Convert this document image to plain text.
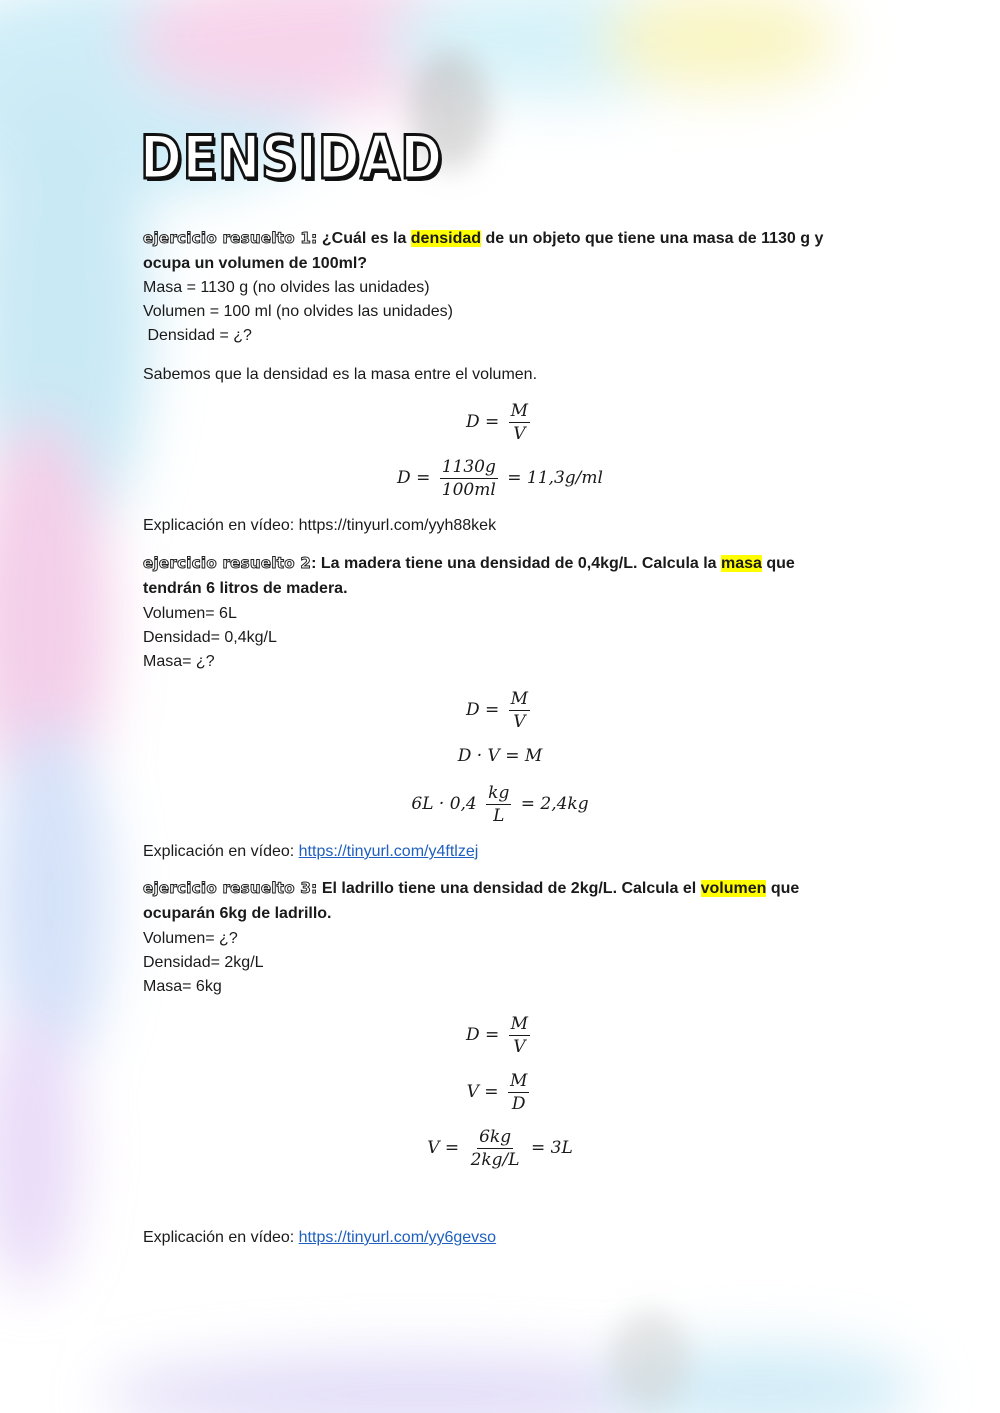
DENSIDAD
ejercicio resuelto 1: ¿Cuál es la densidad de un objeto que tiene una masa de 1130 g y
ocupa un volumen de 100ml?
Masa = 1130 g (no olvides las unidades)
Volumen = 100 ml (no olvides las unidades)
Densidad = ¿?
Sabemos que la densidad es la masa entre el volumen.
$D = \frac{M}{V}$
$D = \frac{1130g}{100ml} = 11,3g/ml$
Explicación en vídeo: https://tinyurl.com/yyh88kek
ejercicio resuelto 2: La madera tiene una densidad de 0,4kg/L. Calcula la masa que
tendrán 6 litros de madera.
Volumen= 6L
Densidad= 0,4kg/L
Masa= ¿?
$D = \frac{M}{V}$
D · V = M
$6L \cdot 0,4 \frac{kg}{L} = 2,4kg$
Explicación en vídeo: https://tinyurl.com/y4ftlzej
ejercicio resuelto 3: El ladrillo tiene una densidad de 2kg/L. Calcula el volumen que
ocuparán 6kg de ladrillo.
Volumen= ¿?
Densidad= 2kg/L
Masa= 6kg
$D = \frac{M}{V}$
$V = \frac{M}{D}$
$V = \frac{6kg}{2kg/L} = 3L$
Explicación en vídeo: https://tinyurl.com/yy6gevso
